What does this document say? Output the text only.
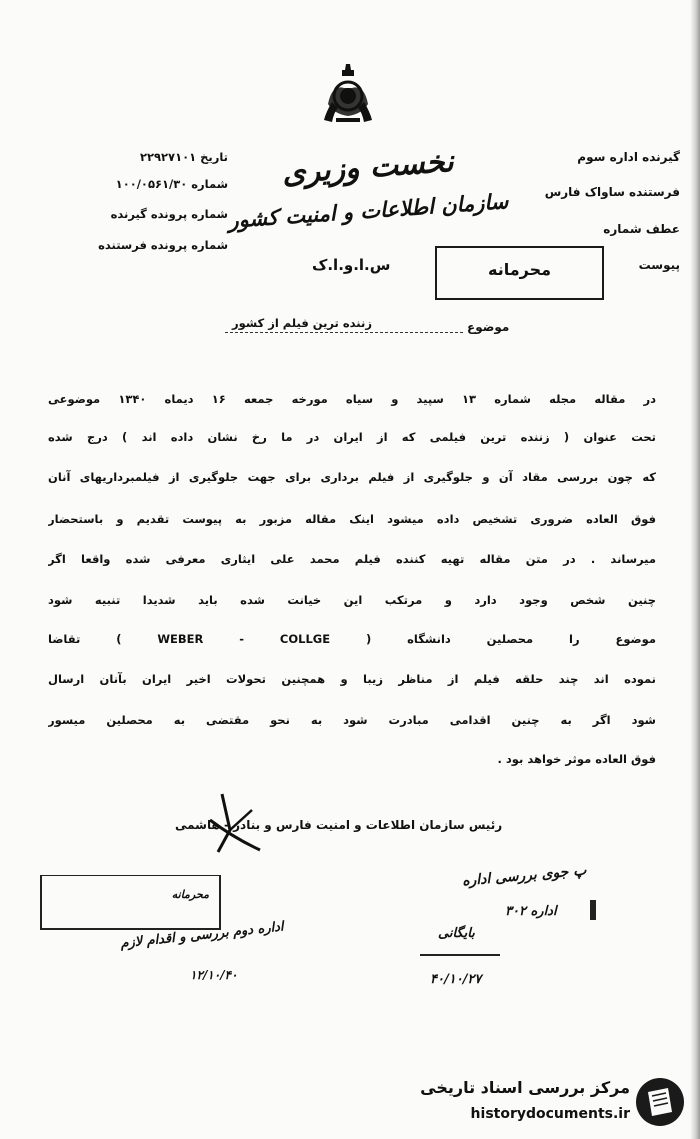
نخست وزیری
سازمان اطلاعات و امنیت کشور
س.ا.و.ا.ک
تاریخ ۲۲۹۲۷۱۰۱
شماره ۱۰۰/۰۵۶۱/۳۰
شماره پرونده گیرنده
شماره پرونده فرستنده
گیرنده اداره سوم
فرستنده ساواک فارس
عطف شماره
پیوست
محرمانه
موضوع
زننده ترین فیلم از کشور
در مقاله مجله شماره ۱۳ سپید و سیاه مورخه جمعه ۱۶ دیماه ۱۳۴۰ موضوعی
تحت عنوان ( زننده ترین فیلمی که از ایران در ما رخ نشان داده اند ) درج شده
که چون بررسی مقاد آن و جلوگیری از فیلم برداری برای جهت جلوگیری از فیلمبرداریهای آنان
فوق العاده ضروری تشخیص داده میشود اینک مقاله مزبور به پیوست تقدیم و باستحضار
میرساند . در متن مقاله تهیه کننده فیلم محمد علی ایثاری معرفی شده واقعا اگر
چنین شخص وجود دارد و مرتکب این خیانت شده باید شدیدا تنبیه شود
موضوع را محصلین دانشگاه ( WEBER - COLLGE ) تقاضا
نموده اند چند حلقه فیلم از مناظر زیبا و همچنین تحولات اخیر ایران بآنان ارسال
شود اگر به چنین اقدامی مبادرت شود به نحو مقتضی به محصلین میسور
فوق العاده موثر خواهد بود .
رئیس سازمان اطلاعات و امنیت فارس و بنادر - هاشمی
محرمانه
اداره دوم بررسی و اقدام لازم
۱۲/۱۰/۴۰
پ جوی بررسی اداره
اداره ۳۰۲
بایگانی
۴۰/۱۰/۲۷
مرکز بررسی اسناد تاریخی
historydocuments.ir
